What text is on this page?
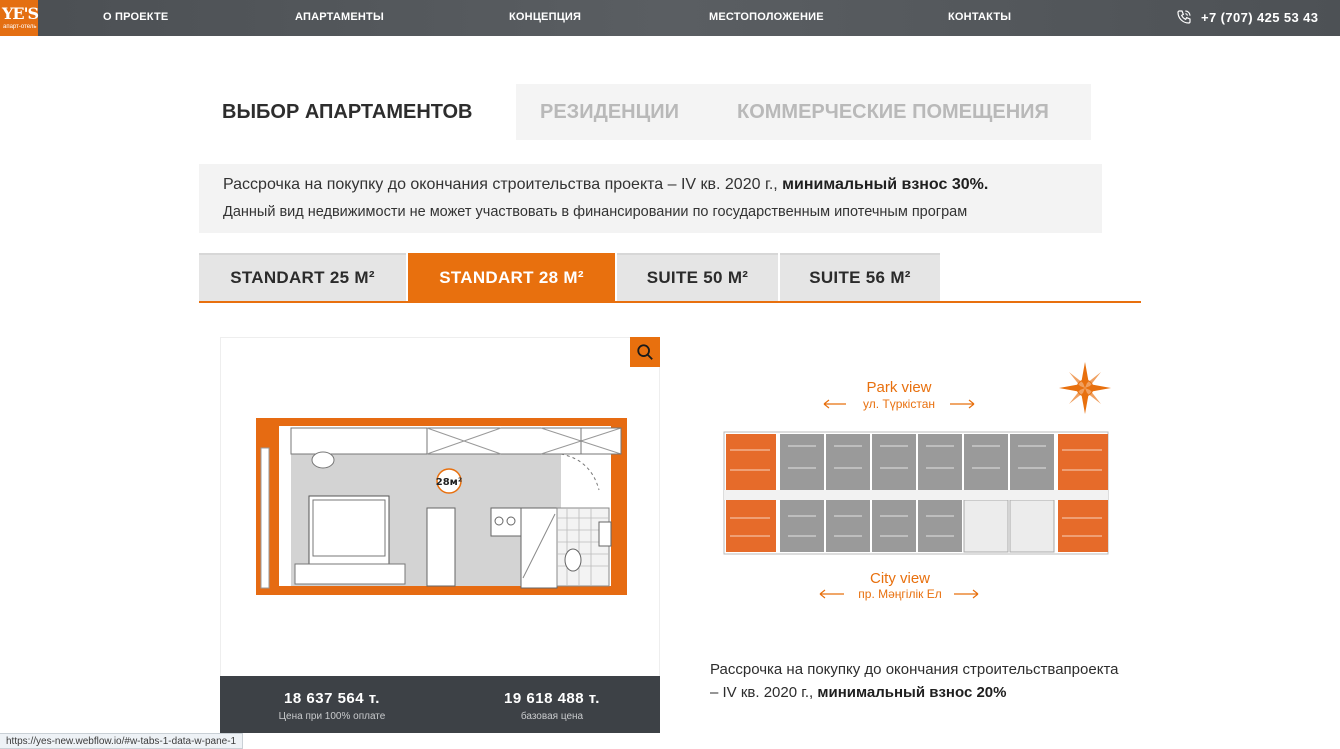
YE'S
апарт-отель
О ПРОЕКТЕ	АПАРТАМЕНТЫ	КОНЦЕПЦИЯ	МЕСТОПОЛОЖЕНИЕ	КОНТАКТЫ	+7 (707) 425 53 43
ВЫБОР АПАРТАМЕНТОВ	РЕЗИДЕНЦИИ	КОММЕРЧЕСКИЕ ПОМЕЩЕНИЯ
Рассрочка на покупку до окончания строительства проекта – IV кв. 2020 г., минимальный взнос 30%.
Данный вид недвижимости не может участвовать в финансировании по государственным ипотечным програм
STANDART 25 М²	STANDART 28 М²	SUITE 50 М²	SUITE 56 М²
28м²
18 637 564 т.
Цена при 100% оплате
19 618 488 т.
базовая цена
Park view
ул. Түркістан
City view
пр. Мәңгілік Ел
Рассрочка на покупку до окончания строительствапроекта – IV кв. 2020 г., минимальный взнос 20%
https://yes-new.webflow.io/#w-tabs-1-data-w-pane-1
